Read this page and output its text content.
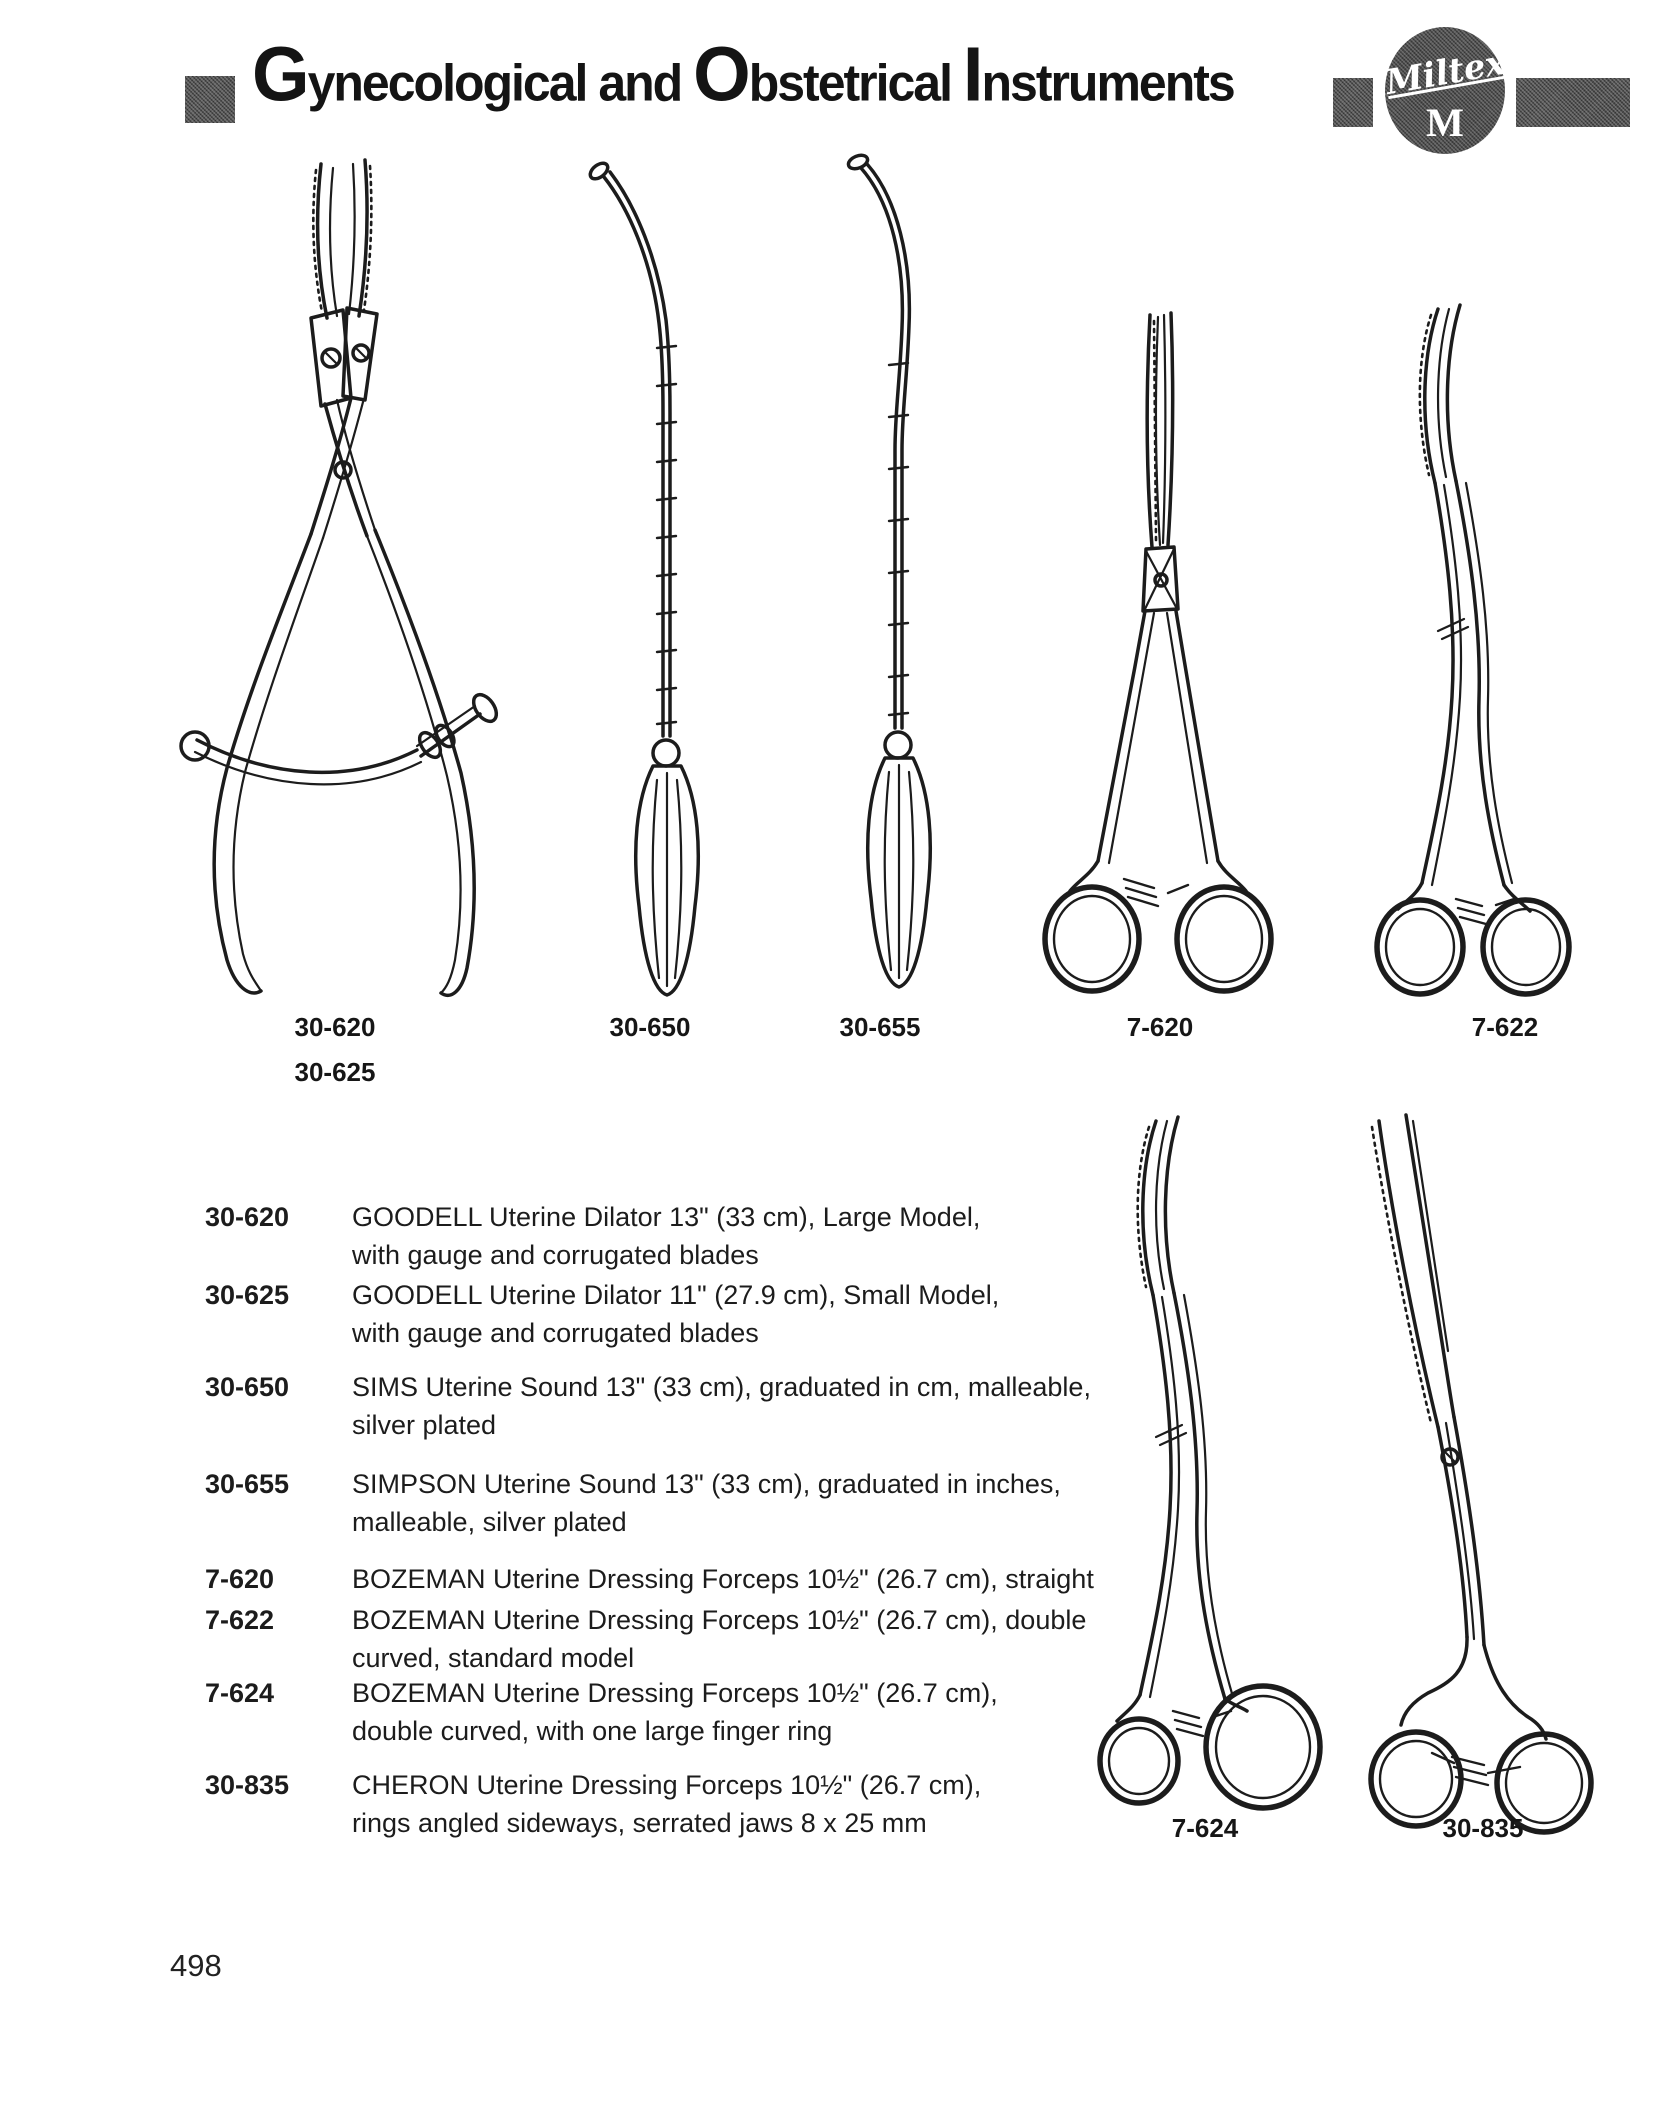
Gynecological and Obstetrical Instruments	Miltex
M
30-620
30-625
30-650	30-655	7-620	7-622
7-624	30-835
30-620	GOODELL Uterine Dilator 13" (33 cm), Large Model,
with gauge and corrugated blades
30-625	GOODELL Uterine Dilator 11" (27.9 cm), Small Model,
with gauge and corrugated blades
30-650	SIMS Uterine Sound 13" (33 cm), graduated in cm, malleable,
silver plated
30-655	SIMPSON Uterine Sound 13" (33 cm), graduated in inches,
malleable, silver plated
7-620	BOZEMAN Uterine Dressing Forceps 10½" (26.7 cm), straight
7-622	BOZEMAN Uterine Dressing Forceps 10½" (26.7 cm), double
curved, standard model
7-624	BOZEMAN Uterine Dressing Forceps 10½" (26.7 cm),
double curved, with one large finger ring
30-835	CHERON Uterine Dressing Forceps 10½" (26.7 cm),
rings angled sideways, serrated jaws 8 x 25 mm
498
